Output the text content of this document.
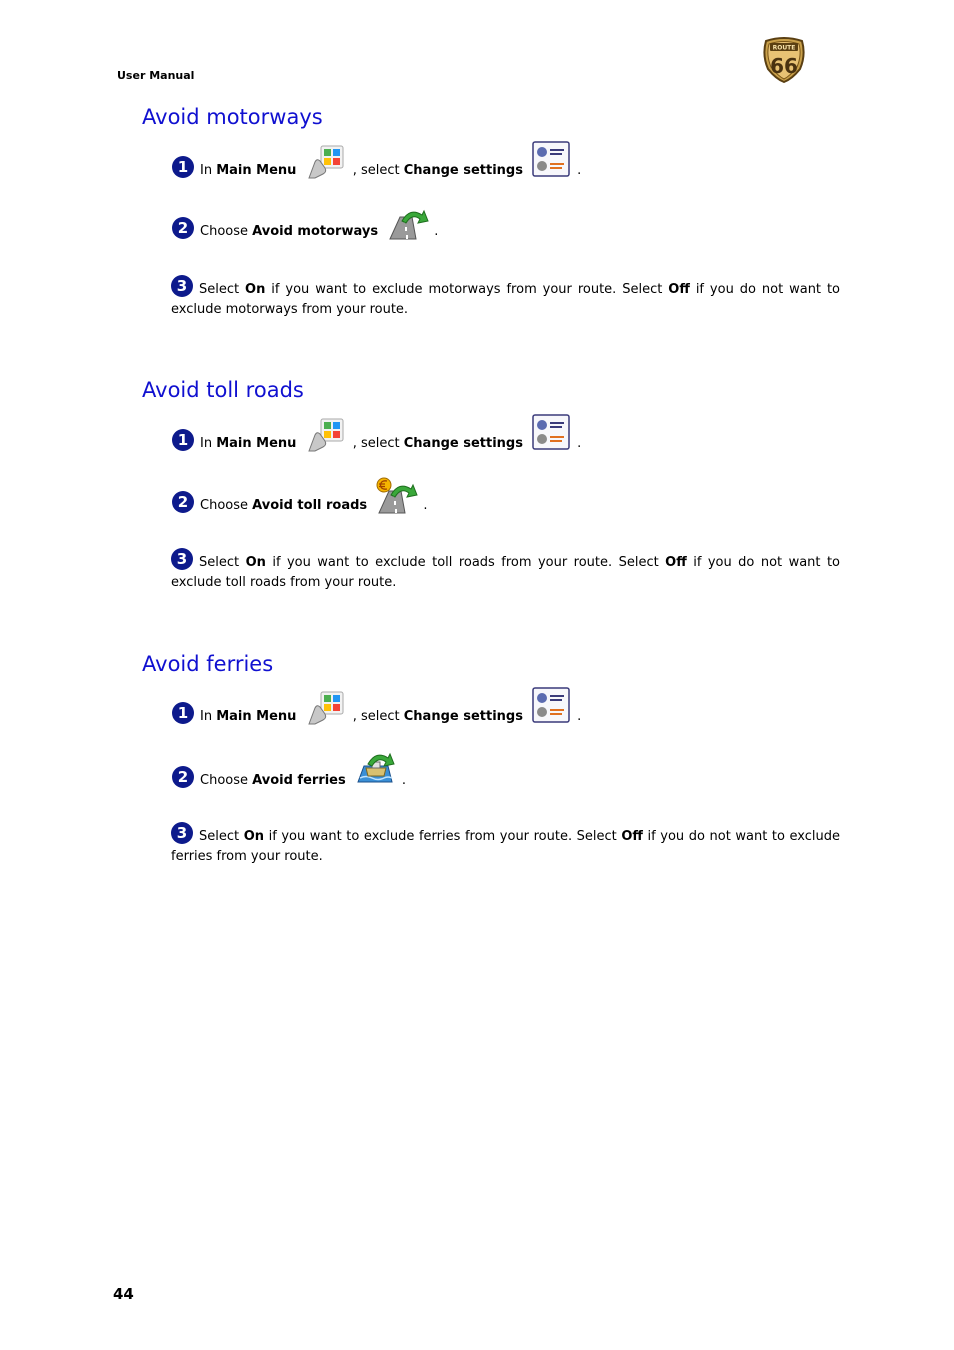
User Manual
ROUTE
66
Avoid motorways
1 In Main Menu	, select Change settings	.
2 Choose Avoid motorways	.
3 Select On if you want to exclude motorways from your route. Select Off if you do not want to exclude motorways from your route.
Avoid toll roads
1 In Main Menu	, select Change settings	.
2 Choose Avoid toll roads	.
3 Select On if you want to exclude toll roads from your route. Select Off if you do not want to exclude toll roads from your route.
Avoid ferries
1 In Main Menu	, select Change settings	.
2 Choose Avoid ferries	.
3 Select On if you want to exclude ferries from your route. Select Off if you do not want to exclude ferries from your route.
44
